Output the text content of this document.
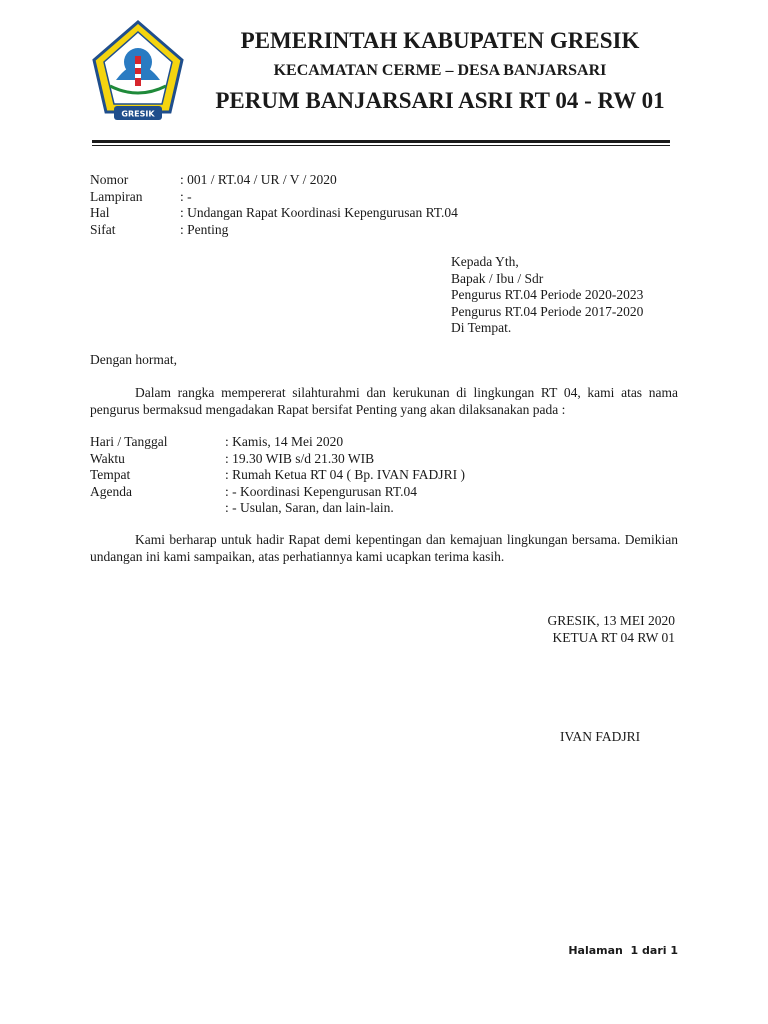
GRESIK
PEMERINTAH KABUPATEN GRESIK
KECAMATAN CERME – DESA BANJARSARI
PERUM BANJARSARI ASRI RT 04 - RW 01
Nomor	: 001 / RT.04 / UR / V / 2020
Lampiran	: -
Hal	: Undangan Rapat Koordinasi Kepengurusan RT.04
Sifat	: Penting
Kepada Yth,
Bapak / Ibu / Sdr
Pengurus RT.04 Periode 2020-2023
Pengurus RT.04 Periode 2017-2020
Di Tempat.
Dengan hormat,
Dalam rangka mempererat silahturahmi dan kerukunan di lingkungan RT 04, kami atas nama pengurus bermaksud mengadakan Rapat bersifat Penting yang akan dilaksanakan pada :
Hari / Tanggal	: Kamis, 14 Mei 2020
Waktu	: 19.30 WIB s/d 21.30 WIB
Tempat	: Rumah Ketua RT 04 ( Bp. IVAN FADJRI )
Agenda	: - Koordinasi Kepengurusan RT.04
: - Usulan, Saran, dan lain-lain.
Kami berharap untuk hadir Rapat demi kepentingan dan kemajuan lingkungan bersama. Demikian undangan ini kami sampaikan, atas perhatiannya kami ucapkan terima kasih.
GRESIK, 13 MEI 2020
KETUA RT 04 RW 01
IVAN FADJRI
Halaman  1 dari 1
